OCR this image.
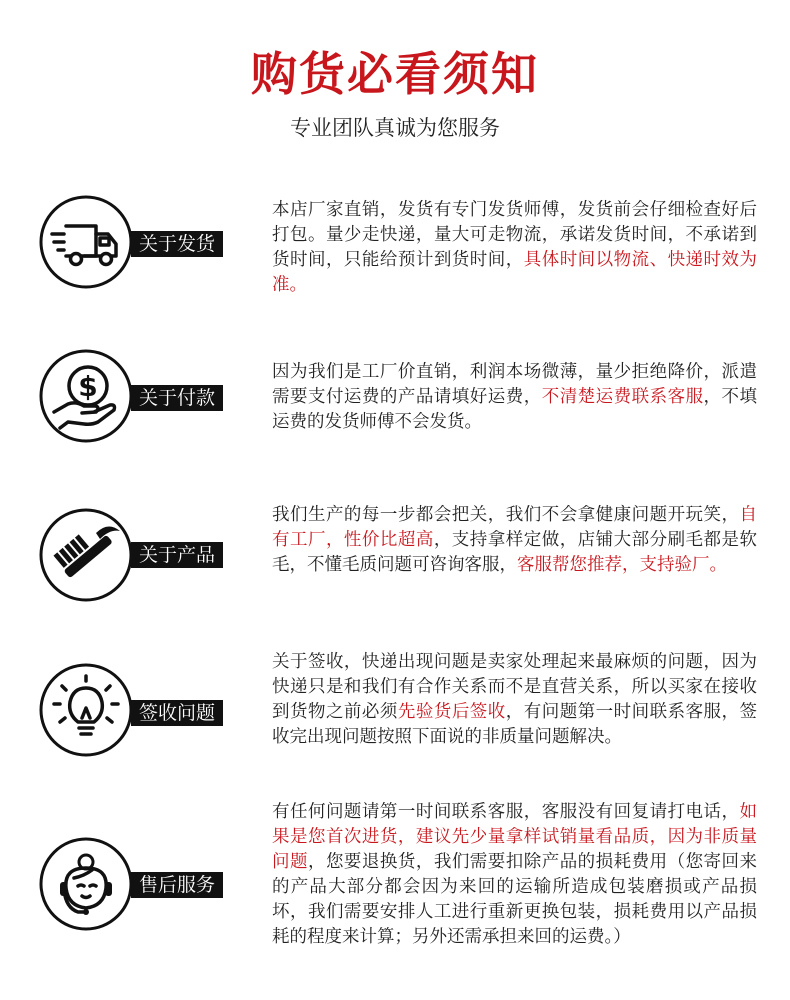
购货必看须知
专业团队真诚为您服务
关于发货
本店厂家直销，发货有专门发货师傅，发货前会仔细检查好后打包。量少走快递，量大可走物流，承诺发货时间，不承诺到货时间，只能给预计到货时间，具体时间以物流、快递时效为准。
$	关于付款
因为我们是工厂价直销，利润本场微薄，量少拒绝降价，派遣需要支付运费的产品请填好运费，不清楚运费联系客服，不填运费的发货师傅不会发货。
关于产品
我们生产的每一步都会把关，我们不会拿健康问题开玩笑，自有工厂，性价比超高，支持拿样定做，店铺大部分刷毛都是软毛，不懂毛质问题可咨询客服，客服帮您推荐，支持验厂。
签收问题
关于签收，快递出现问题是卖家处理起来最麻烦的问题，因为快递只是和我们有合作关系而不是直营关系，所以买家在接收到货物之前必须先验货后签收，有问题第一时间联系客服，签收完出现问题按照下面说的非质量问题解决。
售后服务
有任何问题请第一时间联系客服，客服没有回复请打电话，如果是您首次进货，建议先少量拿样试销量看品质，因为非质量问题，您要退换货，我们需要扣除产品的损耗费用（您寄回来的产品大部分都会因为来回的运输所造成包装磨损或产品损坏，我们需要安排人工进行重新更换包装，损耗费用以产品损耗的程度来计算；另外还需承担来回的运费。）
